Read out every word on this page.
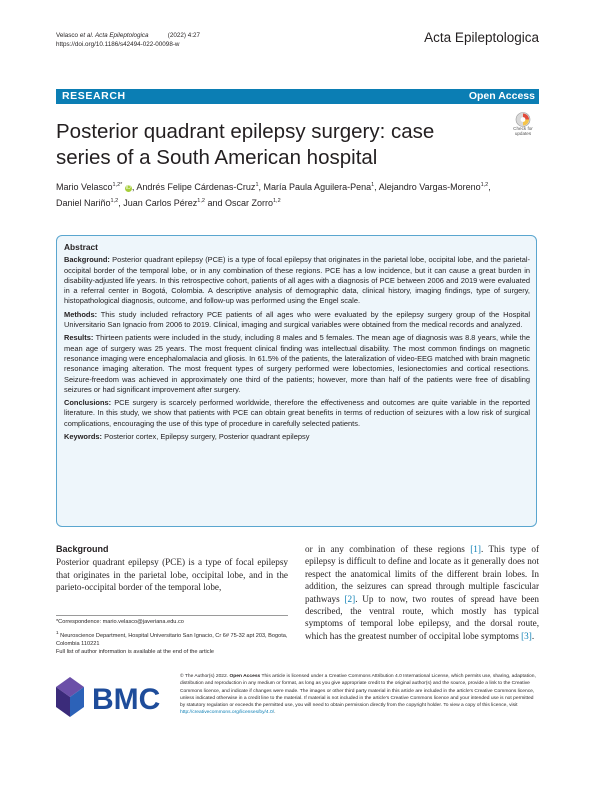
Velasco et al. Acta Epileptologica	(2022) 4:27
https://doi.org/10.1186/s42494-022-00098-w	Acta Epileptologica
RESEARCH	Open Access
Posterior quadrant epilepsy surgery: case
series of a South American hospital
Check for
updates
Mario Velasco$^{1,2*}$ iD, Andrés Felipe Cárdenas-Cruz$^1$, María Paula Aguilera-Pena$^1$, Alejandro Vargas-Moreno$^{1,2}$,
Daniel Nariño$^{1,2}$, Juan Carlos Pérez$^{1,2}$ and Oscar Zorro$^{1,2}$
Abstract

Background: Posterior quadrant epilepsy (PCE) is a type of focal epilepsy that originates in the parietal lobe, occipital lobe, and the parietal-occipital border of the temporal lobe, or in any combination of these regions. PCE has a low incidence, but it can cause a great burden in disability-adjusted life years. In this retrospective cohort, patients of all ages with a diagnosis of PCE between 2006 and 2019 were evaluated in a referral center in Bogotá, Colombia. A descriptive analysis of demographic data, clinical history, imaging findings, type of surgery, histopathological diagnosis, outcome, and follow-up was performed using the Engel scale.

Methods: This study included refractory PCE patients of all ages who were evaluated by the epilepsy surgery group of the Hospital Universitario San Ignacio from 2006 to 2019. Clinical, imaging and surgical variables were obtained from the medical records and analyzed.

Results: Thirteen patients were included in the study, including 8 males and 5 females. The mean age of diagnosis was 8.8 years, while the mean age of surgery was 25 years. The most frequent clinical finding was intellectual disability. The most common findings on magnetic resonance imaging were encephalomalacia and gliosis. In 61.5% of the patients, the lateralization of video-EEG matched with brain magnetic resonance imaging alteration. The most frequent types of surgery performed were lobectomies, lesionectomies and cortical resections. Seizure-freedom was achieved in approximately one third of the patients; however, more than half of the patients were free of disabling seizures or had significant improvement after surgery.

Conclusions: PCE surgery is scarcely performed worldwide, therefore the effectiveness and outcomes are quite variable in the reported literature. In this study, we show that patients with PCE can obtain great benefits in terms of reduction of seizures with a low risk of surgical complications, encouraging the use of this type of procedure in carefully selected patients.

Keywords: Posterior cortex, Epilepsy surgery, Posterior quadrant epilepsy

Background
Posterior quadrant epilepsy (PCE) is a type of focal epilepsy that originates in the parietal lobe, occipital lobe, and in the parieto-occipital border of the temporal lobe,
or in any combination of these regions [1]. This type of epilepsy is difficult to define and locate as it generally does not respect the anatomical limits of the different brain lobes. In addition, the seizures can spread through multiple fascicular pathways [2]. Up to now, two routes of spread have been described, the ventral route, which mostly has typical symptoms of temporal lobe epilepsy, and the dorsal route, which has the greatest number of occipital lobe symptoms [3].

*Correspondence: mario.velasco@javeriana.edu.co

$^1$ Neuroscience Department, Hospital Universitario San Ignacio, Cr 6# 75-32 apt 203, Bogota, Colombia 110221
Full list of author information is available at the end of the article

BMC
© The Author(s) 2022. Open Access This article is licensed under a Creative Commons Attribution 4.0 International License, which permits use, sharing, adaptation, distribution and reproduction in any medium or format, as long as you give appropriate credit to the original author(s) and the source, provide a link to the Creative Commons licence, and indicate if changes were made. The images or other third party material in this article are included in the article's Creative Commons licence, unless indicated otherwise in a credit line to the material. If material is not included in the article's Creative Commons licence and your intended use is not permitted by statutory regulation or exceeds the permitted use, you will need to obtain permission directly from the copyright holder. To view a copy of this licence, visit http://creativecommons.org/licenses/by/4.0/.
